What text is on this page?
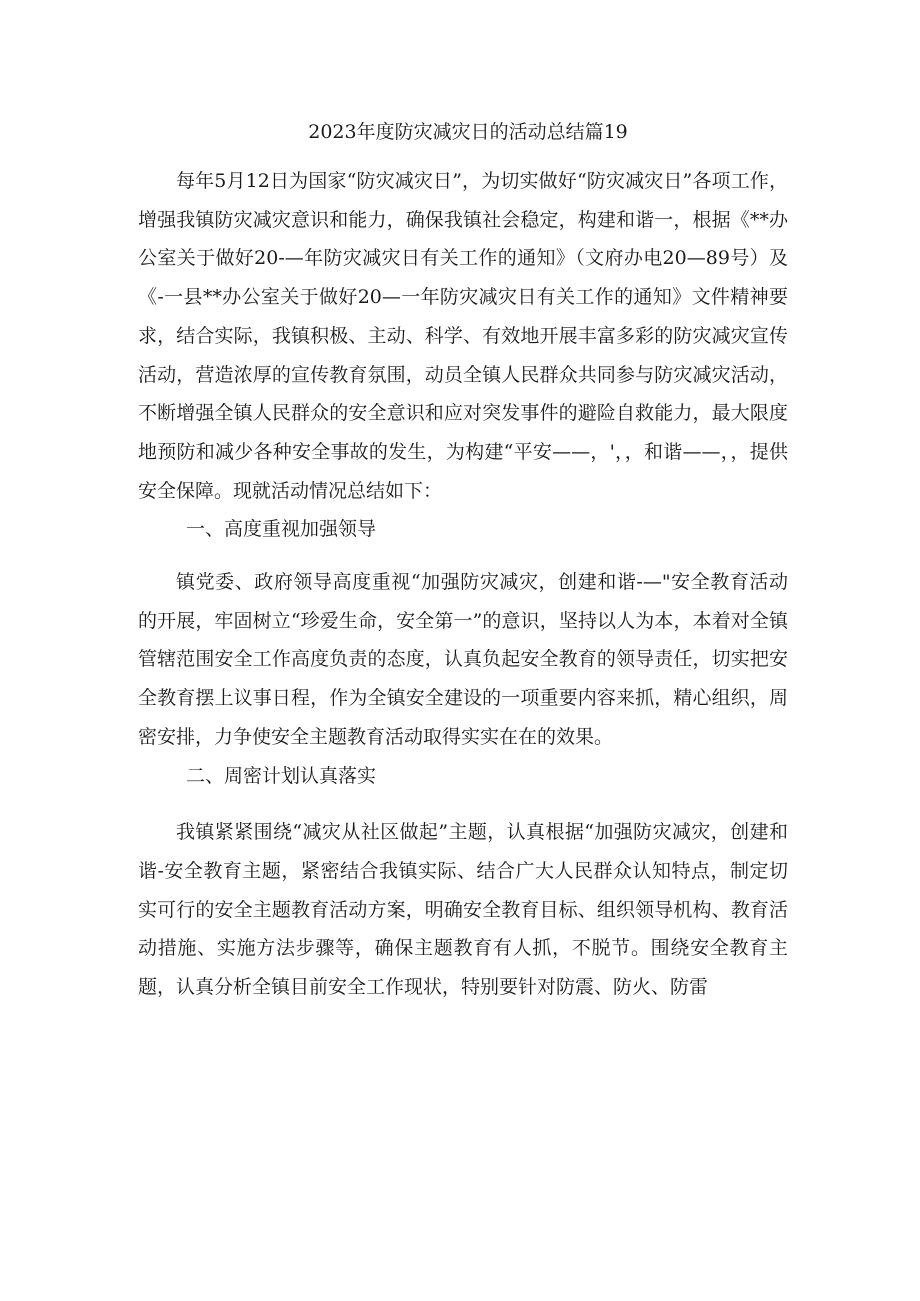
2023年度防灾减灾日的活动总结篇19

每年5月12日为国家“防灾减灾日”，为切实做好“防灾减灾日”各项工作，增强我镇防灾减灾意识和能力，确保我镇社会稳定，构建和谐一，根据《**办公室关于做好20-—年防灾减灾日有关工作的通知》（文府办电20—89号）及《-一县**办公室关于做好20—一年防灾减灾日有关工作的通知》文件精神要求，结合实际，我镇积极、主动、科学、有效地开展丰富多彩的防灾减灾宣传活动，营造浓厚的宣传教育氛围，动员全镇人民群众共同参与防灾减灾活动，不断增强全镇人民群众的安全意识和应对突发事件的避险自救能力，最大限度地预防和减少各种安全事故的发生，为构建“平安——，'，，和谐——，，提供安全保障。现就活动情况总结如下：

一、高度重视加强领导

镇党委、政府领导高度重视“加强防灾减灾，创建和谐-—"安全教育活动的开展，牢固树立“珍爱生命，安全第一”的意识，坚持以人为本，本着对全镇管辖范围安全工作高度负责的态度，认真负起安全教育的领导责任，切实把安全教育摆上议事日程，作为全镇安全建设的一项重要内容来抓，精心组织，周密安排，力争使安全主题教育活动取得实实在在的效果。

二、周密计划认真落实

我镇紧紧围绕“减灾从社区做起”主题，认真根据“加强防灾减灾，创建和谐-安全教育主题，紧密结合我镇实际、结合广大人民群众认知特点，制定切实可行的安全主题教育活动方案，明确安全教育目标、组织领导机构、教育活动措施、实施方法步骤等，确保主题教育有人抓，不脱节。围绕安全教育主题，认真分析全镇目前安全工作现状，特别要针对防震、防火、防雷
